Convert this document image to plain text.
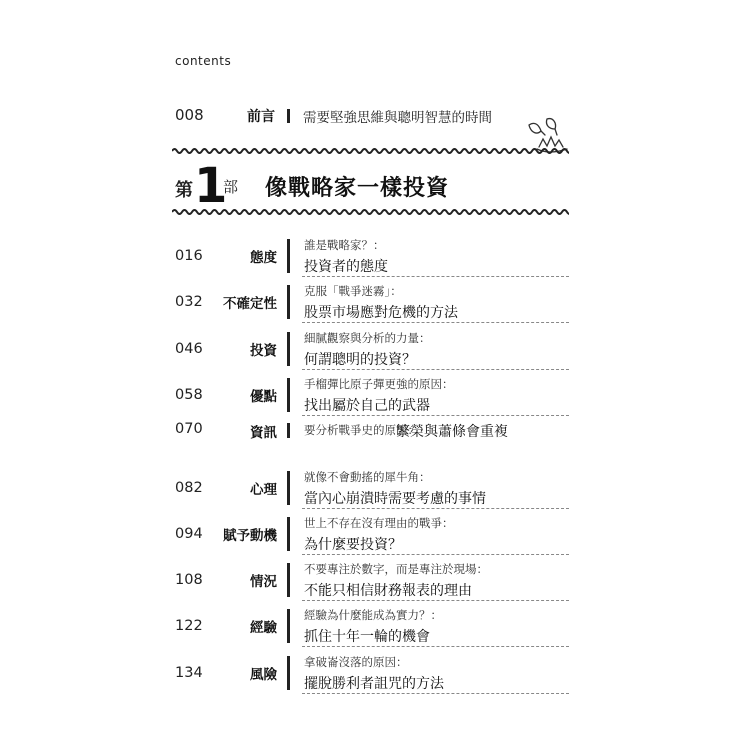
contents
008	前言 需要堅強思維與聰明智慧的時間
第 1
部 像戰略家一樣投資
016	態度
誰是戰略家？：
投資者的態度
032	不確定性
克服「戰爭迷霧」：
股票市場應對危機的方法
046	投資
細膩觀察與分析的力量：
何謂聰明的投資？
058	優點
手榴彈比原子彈更強的原因：
找出屬於自己的武器
070	資訊 要分析戰爭史的原因：
繁榮與蕭條會重複
082	心理
就像不會動搖的犀牛角：
當內心崩潰時需要考慮的事情
094	賦予動機
世上不存在沒有理由的戰爭：
為什麼要投資？
108	情況
不要專注於數字，而是專注於現場：
不能只相信財務報表的理由
122	經驗
經驗為什麼能成為實力？：
抓住十年一輪的機會
134	風險
拿破崙沒落的原因：
擺脫勝利者詛咒的方法
